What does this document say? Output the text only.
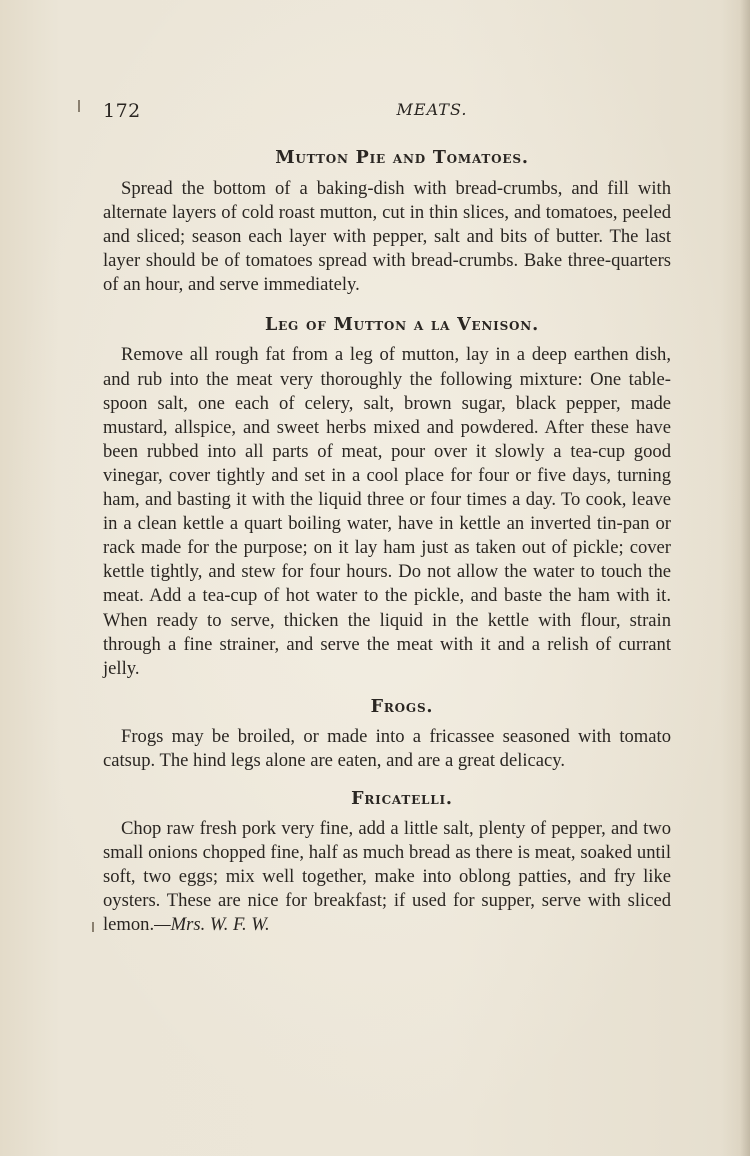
172	MEATS.
Mutton Pie and Tomatoes.

Spread the bottom of a baking-dish with bread-crumbs, and fill with alternate layers of cold roast mutton, cut in thin slices, and tomatoes, peeled and sliced; season each layer with pepper, salt and bits of butter. The last layer should be of tomatoes spread with bread-crumbs. Bake three-quarters of an hour, and serve immediately.

Leg of Mutton a la Venison.

Remove all rough fat from a leg of mutton, lay in a deep earthen dish, and rub into the meat very thoroughly the following mixture: One table-spoon salt, one each of celery, salt, brown sugar, black pepper, made mustard, allspice, and sweet herbs mixed and powdered. After these have been rubbed into all parts of meat, pour over it slowly a tea-cup good vinegar, cover tightly and set in a cool place for four or five days, turning ham, and basting it with the liquid three or four times a day. To cook, leave in a clean kettle a quart boiling water, have in kettle an inverted tin-pan or rack made for the purpose; on it lay ham just as taken out of pickle; cover kettle tightly, and stew for four hours. Do not allow the water to touch the meat. Add a tea-cup of hot water to the pickle, and baste the ham with it. When ready to serve, thicken the liquid in the kettle with flour, strain through a fine strainer, and serve the meat with it and a relish of currant jelly.

Frogs.

Frogs may be broiled, or made into a fricassee seasoned with tomato catsup. The hind legs alone are eaten, and are a great delicacy.

Fricatelli.

Chop raw fresh pork very fine, add a little salt, plenty of pepper, and two small onions chopped fine, half as much bread as there is meat, soaked until soft, two eggs; mix well together, make into oblong patties, and fry like oysters. These are nice for breakfast; if used for supper, serve with sliced lemon.—Mrs. W. F. W.
